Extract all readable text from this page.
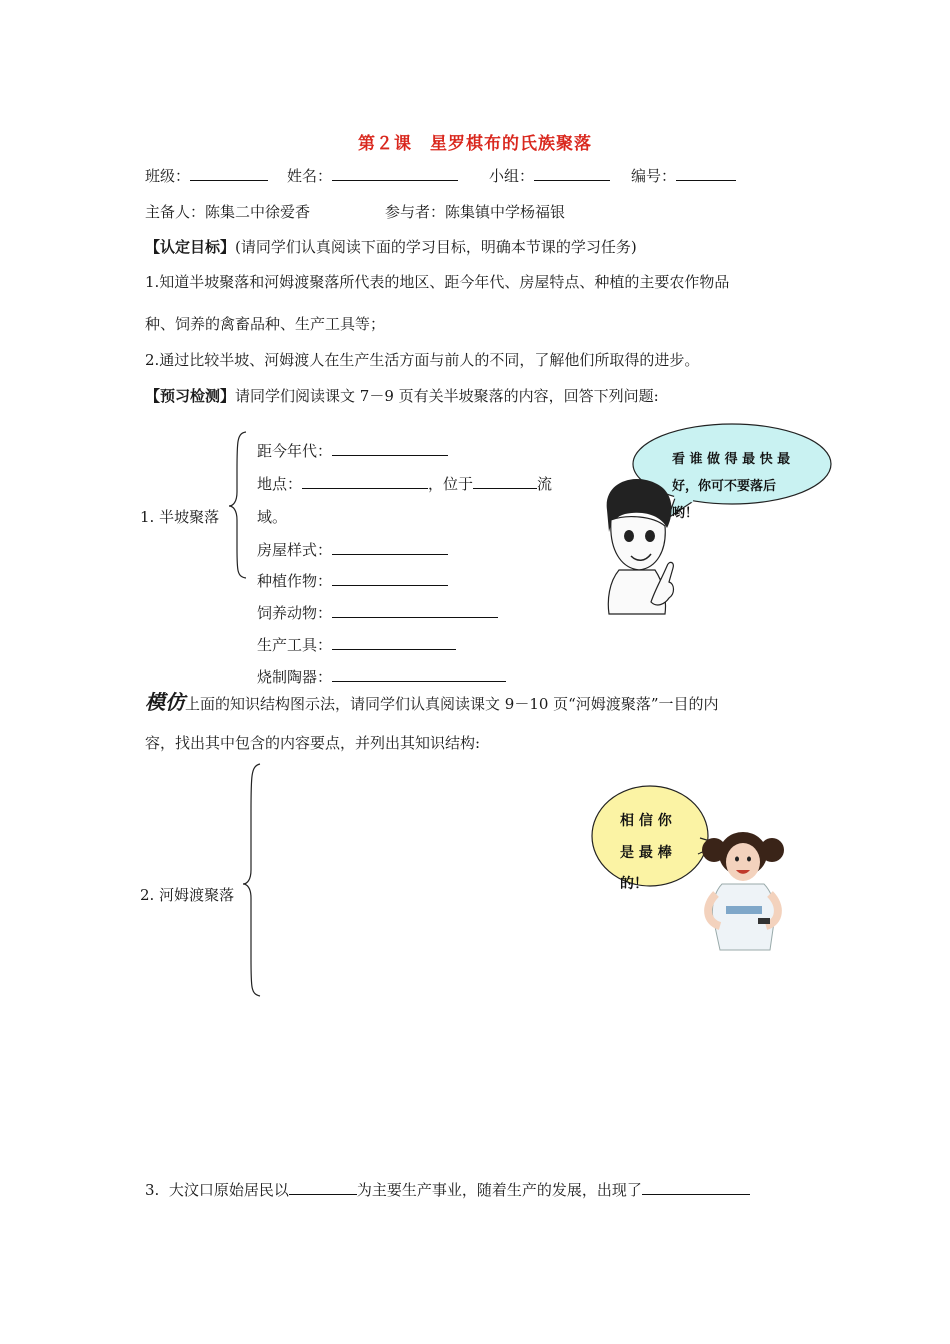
第２课　星罗棋布的氏族聚落
班级：	姓名：	小组：	编号：
主备人：陈集二中徐爱香	参与者：陈集镇中学杨福银
【认定目标】(请同学们认真阅读下面的学习目标，明确本节课的学习任务)
1.知道半坡聚落和河姆渡聚落所代表的地区、距今年代、房屋特点、种植的主要农作物品
种、饲养的禽畜品种、生产工具等；
2.通过比较半坡、河姆渡人在生产生活方面与前人的不同，了解他们所取得的进步。
【预习检测】请同学们阅读课文 7－9 页有关半坡聚落的内容，回答下列问题:
1. 半坡聚落
距今年代：
地点：	，位于	流
域。
房屋样式：
种植作物：
饲养动物：
生产工具：
烧制陶器：
看 谁 做 得 最 快 最
好，你可不要落后
哟！
模仿上面的知识结构图示法，请同学们认真阅读课文 9－10 页“河姆渡聚落”一目的内
容，找出其中包含的内容要点，并列出其知识结构:
2. 河姆渡聚落
相 信 你
是 最 棒
的！
3. 大汶口原始居民以	为主要生产事业，随着生产的发展，出现了
